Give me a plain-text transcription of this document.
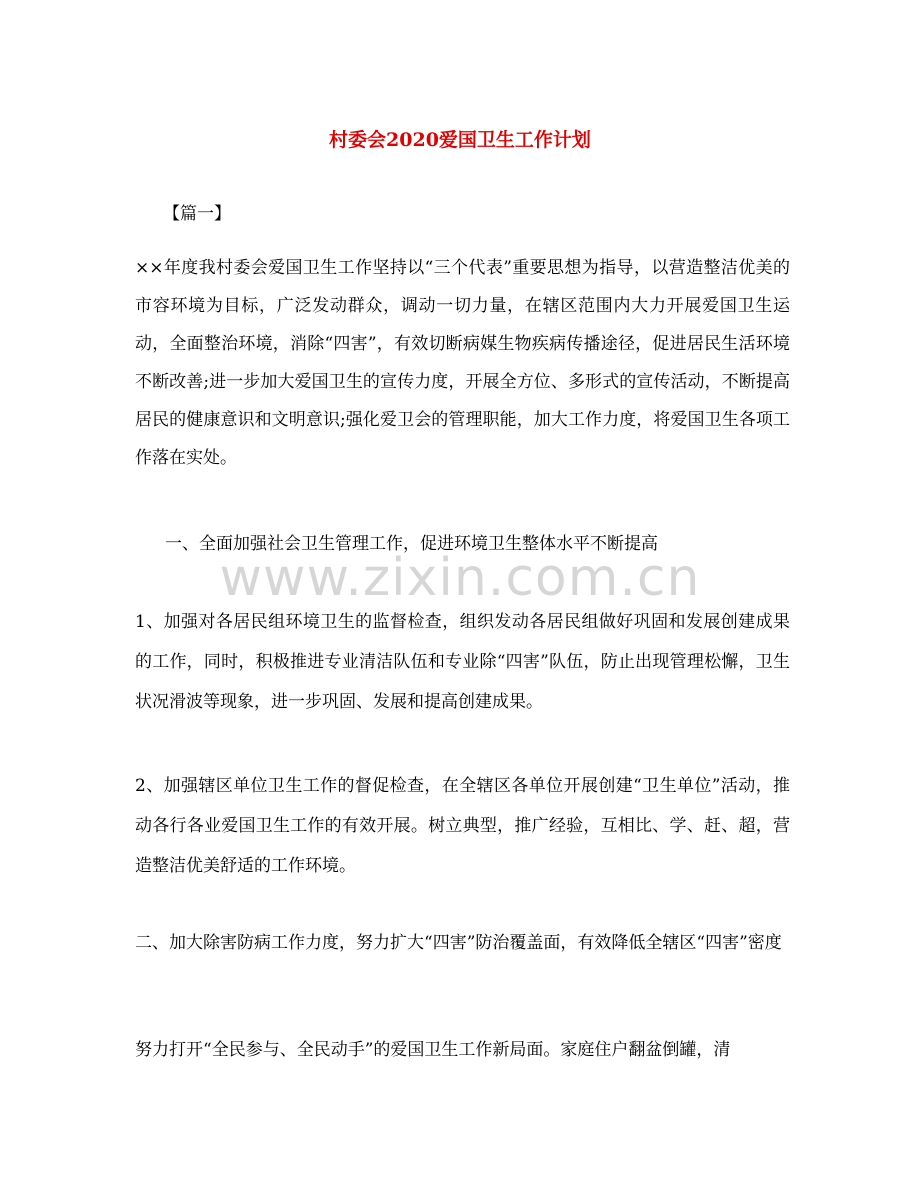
村委会2020爱国卫生工作计划
【篇一】
××年度我村委会爱国卫生工作坚持以“三个代表”重要思想为指导，以营造整洁优美的市容环境为目标，广泛发动群众，调动一切力量，在辖区范围内大力开展爱国卫生运动，全面整治环境，消除“四害”，有效切断病媒生物疾病传播途径，促进居民生活环境不断改善;进一步加大爱国卫生的宣传力度，开展全方位、多形式的宣传活动，不断提高居民的健康意识和文明意识;强化爱卫会的管理职能，加大工作力度，将爱国卫生各项工作落在实处。
一、全面加强社会卫生管理工作，促进环境卫生整体水平不断提高
www.zixin.com.cn
1、加强对各居民组环境卫生的监督检查，组织发动各居民组做好巩固和发展创建成果的工作，同时，积极推进专业清洁队伍和专业除“四害”队伍，防止出现管理松懈，卫生状况滑波等现象，进一步巩固、发展和提高创建成果。
2、加强辖区单位卫生工作的督促检查，在全辖区各单位开展创建“卫生单位”活动，推动各行各业爱国卫生工作的有效开展。树立典型，推广经验，互相比、学、赶、超，营造整洁优美舒适的工作环境。
二、加大除害防病工作力度，努力扩大“四害”防治覆盖面，有效降低全辖区“四害”密度
努力打开“全民参与、全民动手”的爱国卫生工作新局面。家庭住户翻盆倒罐，清
